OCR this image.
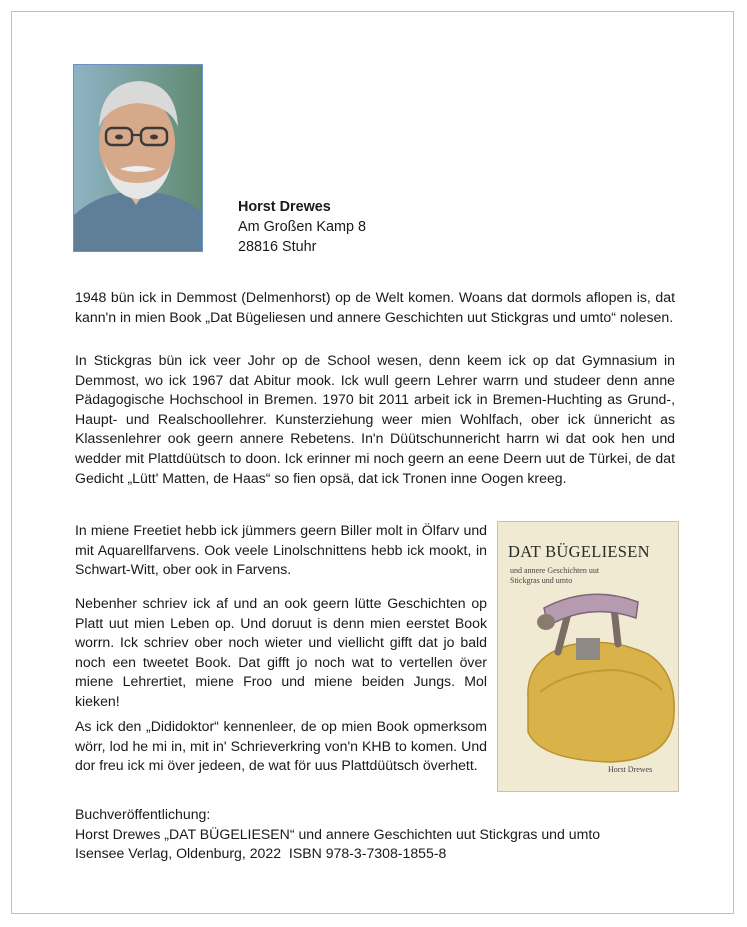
Horst Drewes
Am Großen Kamp 8
28816 Stuhr

1948 bün ick in Demmost (Delmenhorst) op de Welt komen. Woans dat dormols aflopen is, dat kann'n in mien Book „Dat Bügeliesen und annere Geschichten uut Stickgras und umto“ nolesen.

In Stickgras bün ick veer Johr op de School wesen, denn keem ick op dat Gymnasium in Demmost, wo ick 1967 dat Abitur mook. Ick wull geern Lehrer warrn und studeer denn anne Pädagogische Hochschool in Bremen. 1970 bit 2011 arbeit ick in Bremen-Huchting as Grund-, Haupt- und Realschoollehrer. Kunsterziehung weer mien Wohlfach, ober ick ünnericht as Klassenlehrer ook geern annere Rebetens. In'n Düütschunnericht harrn wi dat ook hen und wedder mit Plattdüütsch to doon. Ick erinner mi noch geern an eene Deern uut de Türkei, de dat Gedicht „Lütt' Matten, de Haas“ so fien opsä, dat ick Tronen inne Oogen kreeg.

In miene Freetiet hebb ick jümmers geern Biller molt in Ölfarv und mit Aquarellfarvens. Ook veele Linolschnittens hebb ick mookt, in Schwart-Witt, ober ook in Farvens.

Nebenher schriev ick af und an ook geern lütte Geschichten op Platt uut mien Leben op. Und doruut is denn mien eerstet Book worrn. Ick schriev ober noch wieter und viellicht gifft dat jo bald noch een tweetet Book. Dat gifft jo noch wat to vertellen över miene Lehrertiet, miene Froo und miene beiden Jungs. Mol kieken!

As ick den „Dididoktor“ kennenleer, de op mien Book opmerksom wörr, lod he mi in, mit in' Schrieverkring von'n KHB to komen. Und dor freu ick mi över jedeen, de wat för uus Plattdüütsch överhett.

DAT BÜGELIESEN
und annere Geschichten uut Stickgras und umto
Horst Drewes
Buchveröffentlichung:
Horst Drewes „DAT BÜGELIESEN“ und annere Geschichten uut Stickgras und umto
Isensee Verlag, Oldenburg, 2022  ISBN 978-3-7308-1855-8
